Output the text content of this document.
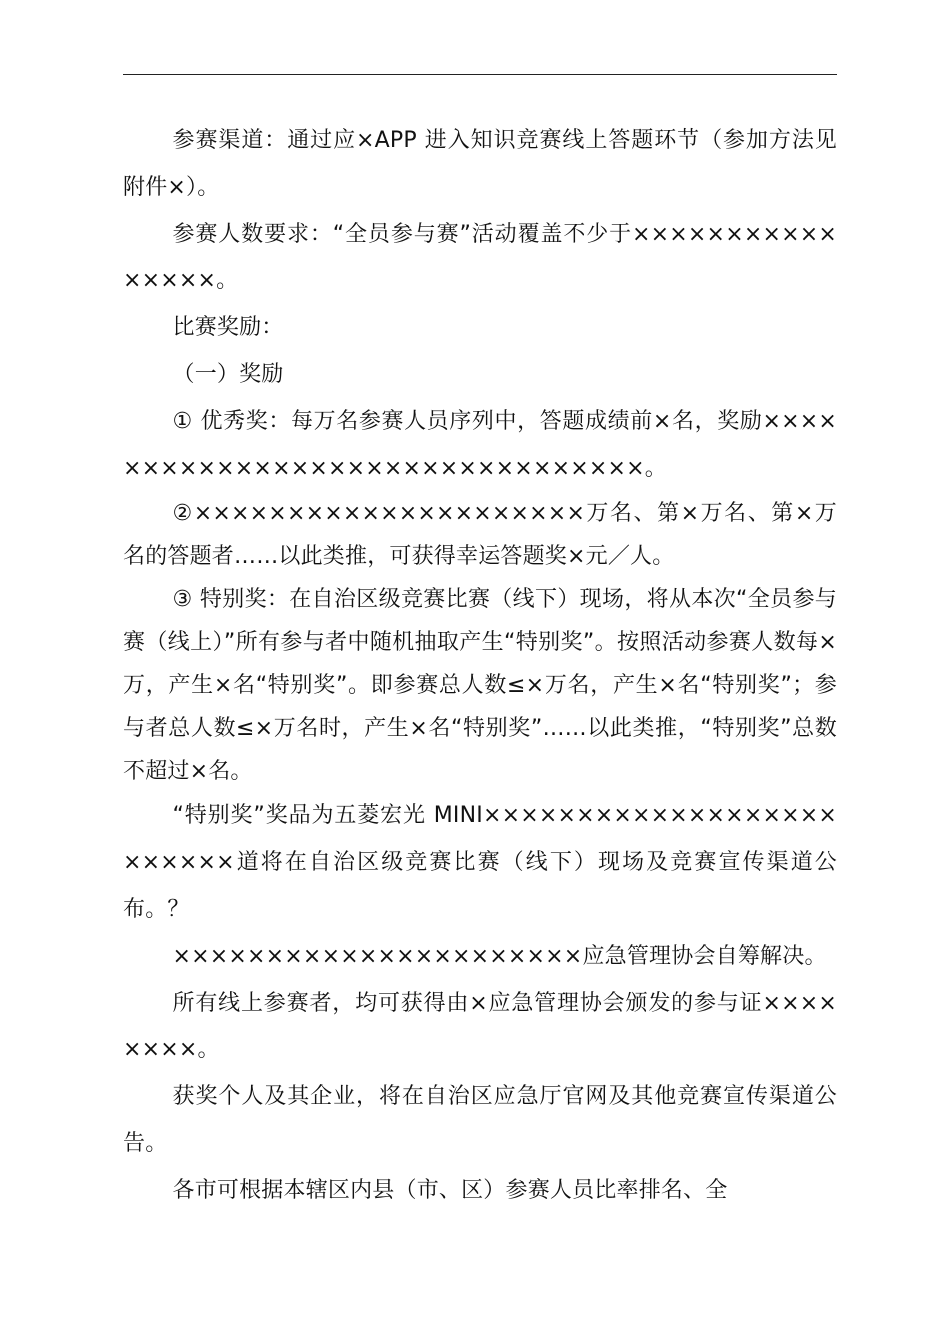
参赛渠道：通过应×APP 进入知识竞赛线上答题环节（参加方法见附件×）。

参赛人数要求：“全员参与赛”活动覆盖不少于××××××××××××××××。

比赛奖励：

（一）奖励

① 优秀奖：每万名参赛人员序列中，答题成绩前×名，奖励××××××××××××××××××××××××××××××××。

②×××××××××××××××××××××万名、第×万名、第×万名的答题者……以此类推，可获得幸运答题奖×元／人。

③ 特别奖：在自治区级竞赛比赛（线下）现场，将从本次“全员参与赛（线上）”所有参与者中随机抽取产生“特别奖”。按照活动参赛人数每×万，产生×名“特别奖”。即参赛总人数≤×万名，产生×名“特别奖”；参与者总人数≤×万名时，产生×名“特别奖”……以此类推，“特别奖”总数不超过×名。

“特别奖”奖品为五菱宏光 MINI×××××××××××××××××××××××××道将在自治区级竞赛比赛（线下）现场及竞赛宣传渠道公布。？

××××××××××××××××××××××应急管理协会自筹解决。

所有线上参赛者，均可获得由×应急管理协会颁发的参与证××××××××。

获奖个人及其企业，将在自治区应急厅官网及其他竞赛宣传渠道公告。

各市可根据本辖区内县（市、区）参赛人员比率排名、全
